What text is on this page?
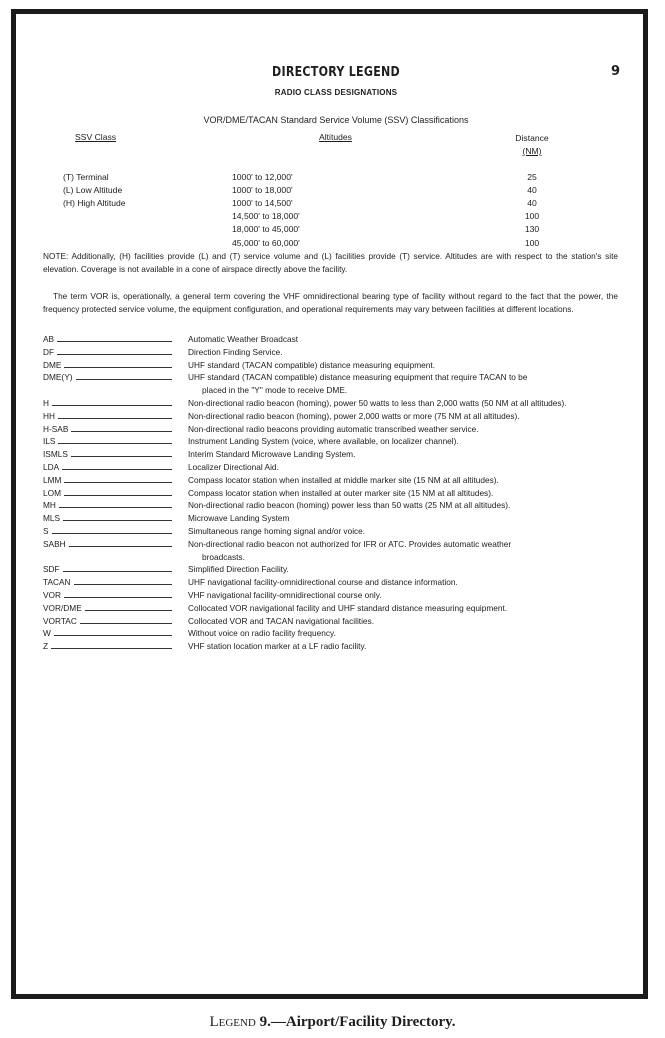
DIRECTORY LEGEND	9
RADIO CLASS DESIGNATIONS
VOR/DME/TACAN Standard Service Volume (SSV) Classifications
SSV Class	Altitudes	Distance
(NM)
(T) Terminal	1000' to 12,000'	25
(L) Low Altitude	1000' to 18,000'	40
(H) High Altitude	1000' to 14,500'	40
14,500' to 18,000'	100
18,000' to 45,000'	130
45,000' to 60,000'	100
NOTE: Additionally, (H) facilities provide (L) and (T) service volume and (L) facilities provide (T) service. Altitudes are with respect to the station's site elevation. Coverage is not available in a cone of airspace directly above the facility.
The term VOR is, operationally, a general term covering the VHF omnidirectional bearing type of facility without regard to the fact that the power, the frequency protected service volume, the equipment configuration, and operational requirements may vary between facilities at different locations.
AB	Automatic Weather Broadcast
DF	Direction Finding Service.
DME	UHF standard (TACAN compatible) distance measuring equipment.
DME(Y)	UHF standard (TACAN compatible) distance measuring equipment that require TACAN to be
placed in the "Y" mode to receive DME.
H	Non-directional radio beacon (homing), power 50 watts to less than 2,000 watts (50 NM at all altitudes).
HH	Non-directional radio beacon (homing), power 2,000 watts or more (75 NM at all altitudes).
H-SAB	Non-directional radio beacons providing automatic transcribed weather service.
ILS	Instrument Landing System (voice, where available, on localizer channel).
ISMLS	Interim Standard Microwave Landing System.
LDA	Localizer Directional Aid.
LMM	Compass locator station when installed at middle marker site (15 NM at all altitudes).
LOM	Compass locator station when installed at outer marker site (15 NM at all altitudes).
MH	Non-directional radio beacon (homing) power less than 50 watts (25 NM at all altitudes).
MLS	Microwave Landing System
S	Simultaneous range homing signal and/or voice.
SABH	Non-directional radio beacon not authorized for IFR or ATC. Provides automatic weather
broadcasts.
SDF	Simplified Direction Facility.
TACAN	UHF navigational facility-omnidirectional course and distance information.
VOR	VHF navigational facility-omnidirectional course only.
VOR/DME	Collocated VOR navigational facility and UHF standard distance measuring equipment.
VORTAC	Collocated VOR and TACAN navigational facilities.
W	Without voice on radio facility frequency.
Z	VHF station location marker at a LF radio facility.
Legend 9.—Airport/Facility Directory.
